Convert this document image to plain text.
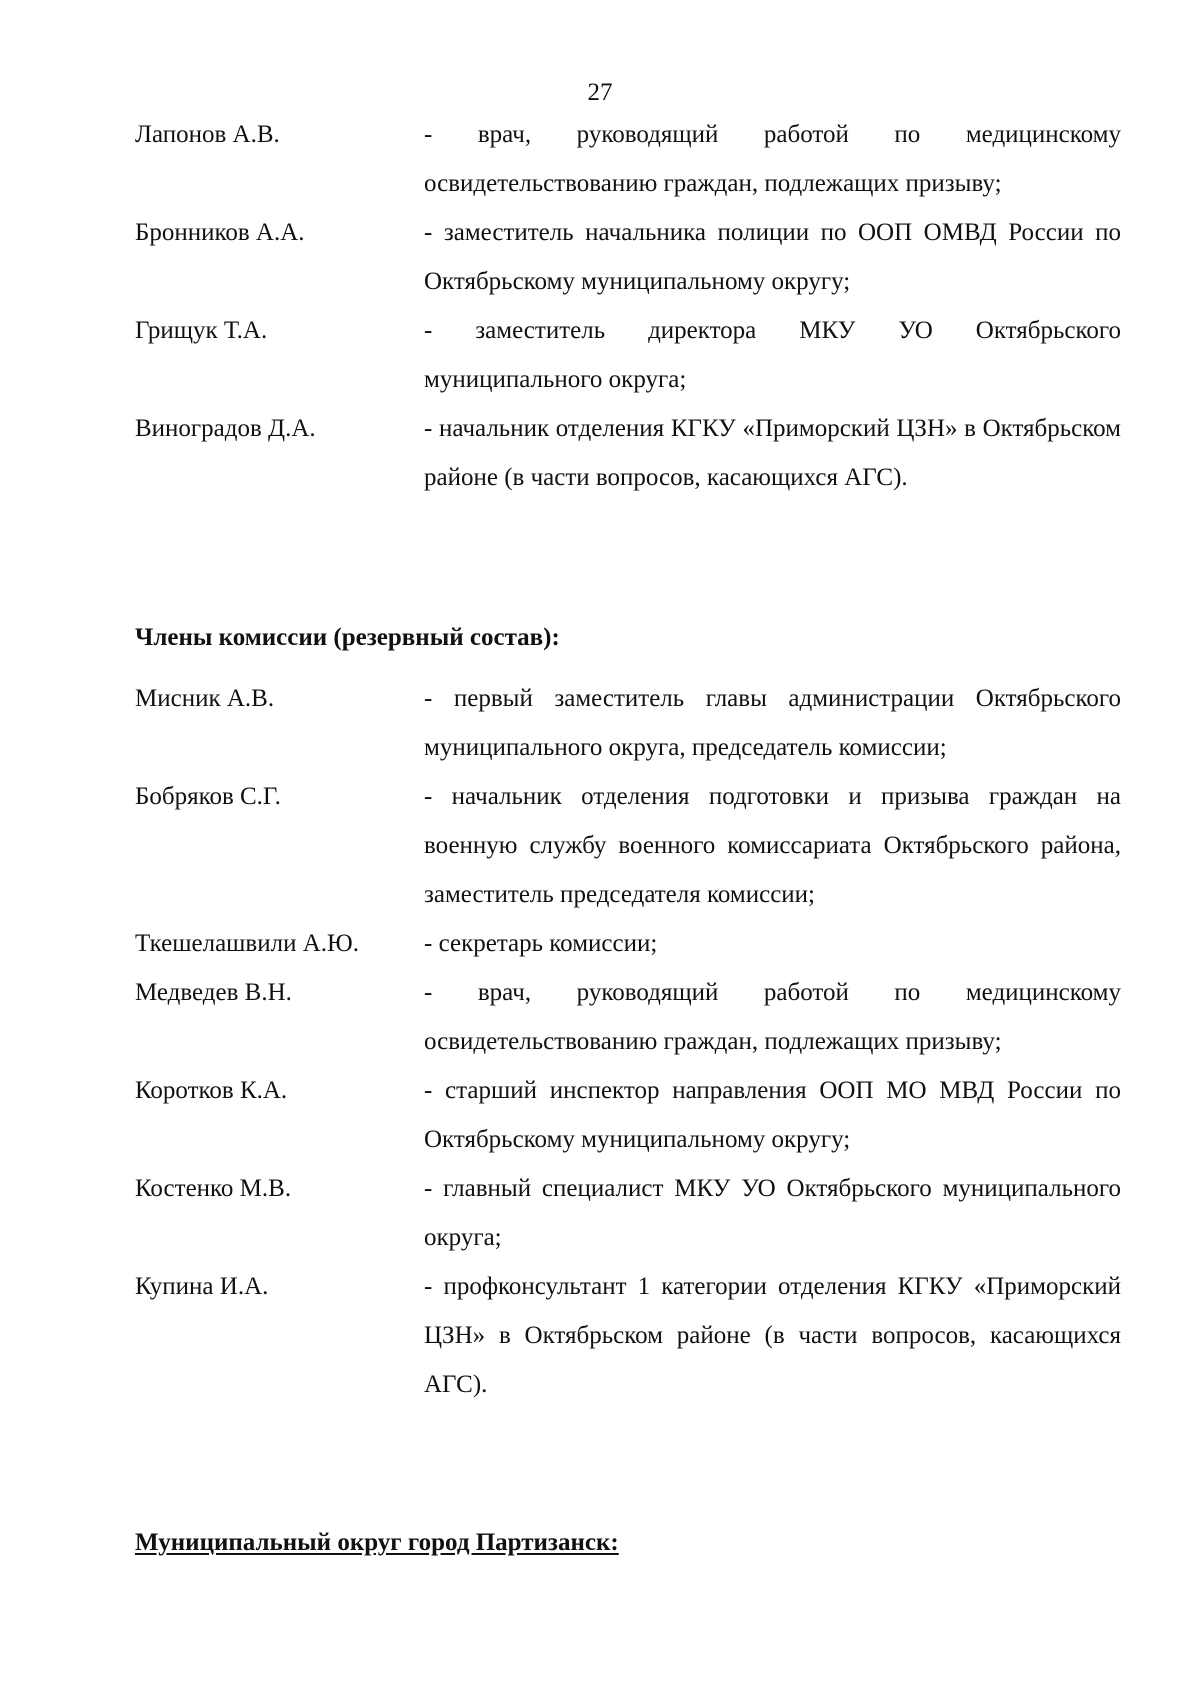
27
Лапонов А.В.	- врач, руководящий работой по медицинскому освидетельствованию граждан, подлежащих призыву;
Бронников А.А.	- заместитель начальника полиции по ООП ОМВД России по Октябрьскому муниципальному округу;
Грищук Т.А.	- заместитель директора МКУ УО Октябрьского муниципального округа;
Виноградов Д.А.	- начальник отделения КГКУ «Приморский ЦЗН» в Октябрьском районе (в части вопросов, касающихся АГС).
Члены комиссии (резервный состав):
Мисник А.В.	- первый заместитель главы администрации Октябрьского муниципального округа, председатель комиссии;
Бобряков С.Г.	- начальник отделения подготовки и призыва граждан на военную службу военного комиссариата Октябрьского района, заместитель председателя комиссии;
Ткешелашвили А.Ю.	- секретарь комиссии;
Медведев В.Н.	- врач, руководящий работой по медицинскому освидетельствованию граждан, подлежащих призыву;
Коротков К.А.	- старший инспектор направления ООП МО МВД России по Октябрьскому муниципальному округу;
Костенко М.В.	- главный специалист МКУ УО Октябрьского муниципального округа;
Купина И.А.	- профконсультант 1 категории отделения КГКУ «Приморский ЦЗН» в Октябрьском районе (в части вопросов, касающихся АГС).
Муниципальный округ город Партизанск:
